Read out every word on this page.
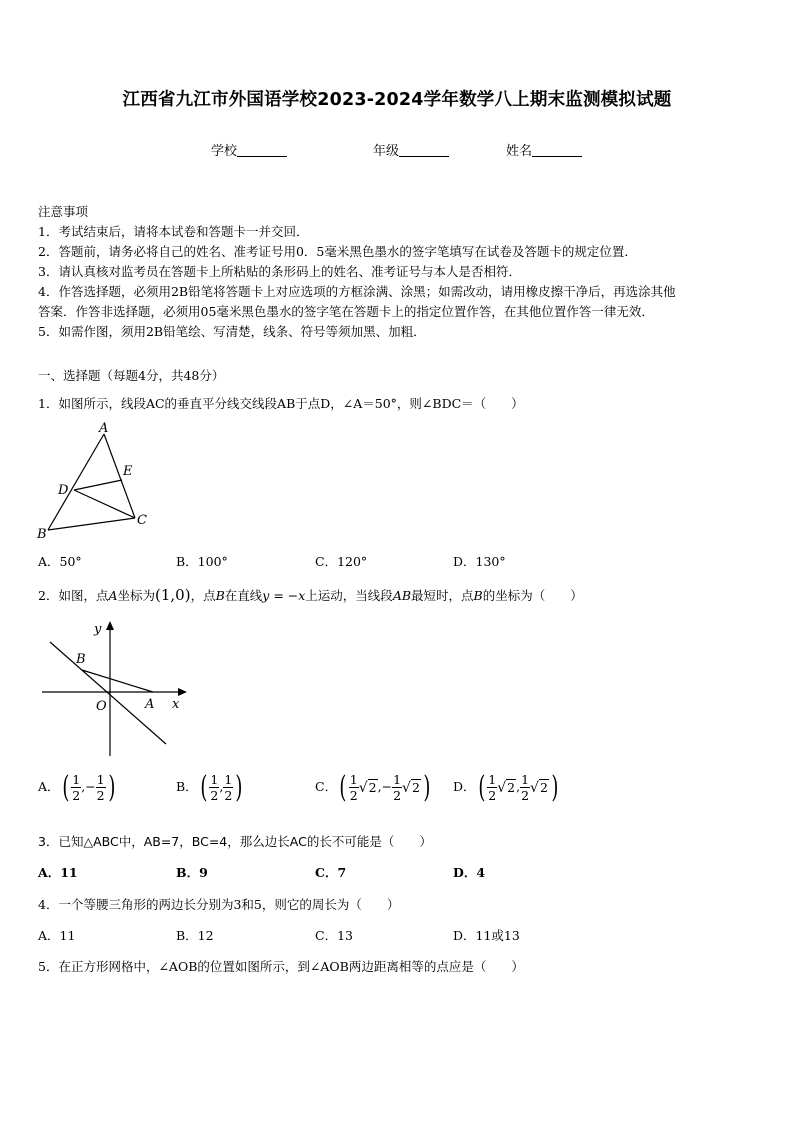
江西省九江市外国语学校2023-2024学年数学八上期末监测模拟试题
学校	年级	姓名
注意事项
1．考试结束后，请将本试卷和答题卡一并交回．
2．答题前，请务必将自己的姓名、准考证号用0．5毫米黑色墨水的签字笔填写在试卷及答题卡的规定位置．
3．请认真核对监考员在答题卡上所粘贴的条形码上的姓名、准考证号与本人是否相符．
4．作答选择题，必须用2B铅笔将答题卡上对应选项的方框涂满、涂黑；如需改动，请用橡皮擦干净后，再选涂其他
答案．作答非选择题，必须用05毫米黑色墨水的签字笔在答题卡上的指定位置作答，在其他位置作答一律无效．
5．如需作图，须用2B铅笔绘、写清楚，线条、符号等须加黑、加粗．
一、选择题（每题4分，共48分）
1．如图所示，线段AC的垂直平分线交线段AB于点D，∠A＝50°，则∠BDC＝（　　）
A
E
D
B
C
A．50°	B．100°	C．120°	D．130°
2．如图，点A坐标为(1,0)，点B在直线y = −x上运动，当线段AB最短时，点B的坐标为（　　）
y
x
B
O	A
A．( $\frac{1}{2}$ ,− $\frac{1}{2}$ )	B．( $\frac{1}{2}$ , $\frac{1}{2}$ )	C．( $\frac{1}{2} √2,- \frac{1}{2} √2$ ) D．( $\frac{1}{2} √2$, $\frac{1}{2} √2$ )
3．已知△ABC中，AB=7，BC=4，那么边长AC的长不可能是（　　）
A．11	B．9	C．7	D．4
4．一个等腰三角形的两边长分别为3和5，则它的周长为（　　）
A．11	B．12	C．13	D．11或13
5．在正方形网格中，∠AOB的位置如图所示，到∠AOB两边距离相等的点应是（　　）
